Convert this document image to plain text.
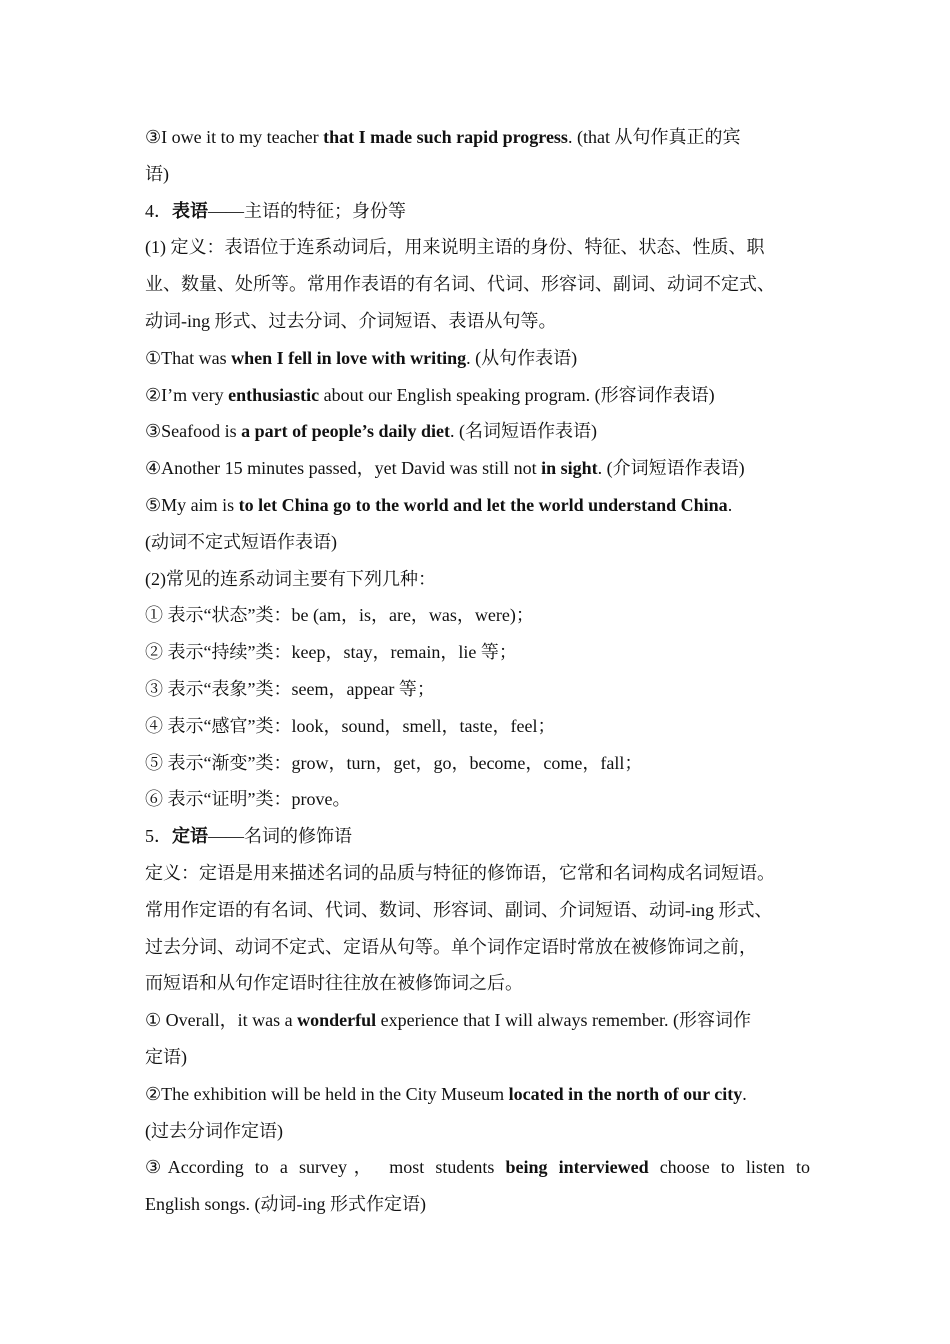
③I owe it to my teacher that I made such rapid progress. (that 从句作真正的宾
语)
4．表语——主语的特征；身份等
(1) 定义：表语位于连系动词后，用来说明主语的身份、特征、状态、性质、职
业、数量、处所等。常用作表语的有名词、代词、形容词、副词、动词不定式、
动词-ing 形式、过去分词、介词短语、表语从句等。
①That was when I fell in love with writing. (从句作表语)
②I’m very enthusiastic about our English speaking program. (形容词作表语)
③Seafood is a part of people’s daily diet. (名词短语作表语)
④Another 15 minutes passed，yet David was still not in sight. (介词短语作表语)
⑤My aim is to let China go to the world and let the world understand China.
(动词不定式短语作表语)
(2)常见的连系动词主要有下列几种：
① 表示“状态”类：be (am，is，are，was，were)；
② 表示“持续”类：keep，stay，remain，lie 等；
③ 表示“表象”类：seem，appear 等；
④ 表示“感官”类：look，sound，smell，taste，feel；
⑤ 表示“渐变”类：grow，turn，get，go，become，come，fall；
⑥ 表示“证明”类：prove。
5．定语——名词的修饰语
定义：定语是用来描述名词的品质与特征的修饰语，它常和名词构成名词短语。
常用作定语的有名词、代词、数词、形容词、副词、介词短语、动词-ing 形式、
过去分词、动词不定式、定语从句等。单个词作定语时常放在被修饰词之前，
而短语和从句作定语时往往放在被修饰词之后。
① Overall，it was a wonderful experience that I will always remember. (形容词作
定语)
②The exhibition will be held in the City Museum located in the north of our city.
(过去分词作定语)
③According to a survey， most students being interviewed choose to listen to
English songs. (动词-ing 形式作定语)
